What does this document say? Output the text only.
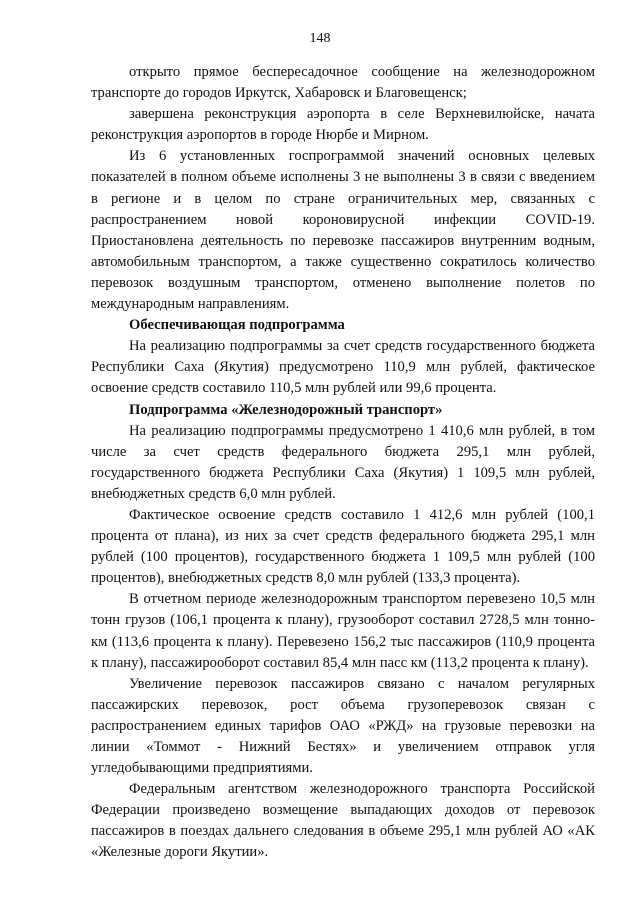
148

открыто прямое беспересадочное сообщение на железнодорожном транспорте до городов Иркутск, Хабаровск и Благовещенск;

завершена реконструкция аэропорта в селе Верхневилюйске, начата реконструкция аэропортов в городе Нюрбе и Мирном.

Из 6 установленных госпрограммой значений основных целевых показателей в полном объеме исполнены 3 не выполнены 3 в связи с введением в регионе и в целом по стране ограничительных мер, связанных с распространением новой короновирусной инфекции COVID-19. Приостановлена деятельность по перевозке пассажиров внутренним водным, автомобильным транспортом, а также существенно сократилось количество перевозок воздушным транспортом, отменено выполнение полетов по международным направлениям.

Обеспечивающая подпрограмма

На реализацию подпрограммы за счет средств государственного бюджета Республики Саха (Якутия) предусмотрено 110,9 млн рублей, фактическое освоение средств составило 110,5 млн рублей или 99,6 процента.

Подпрограмма «Железнодорожный транспорт»

На реализацию подпрограммы предусмотрено 1 410,6 млн рублей, в том числе за счет средств федерального бюджета 295,1 млн рублей, государственного бюджета Республики Саха (Якутия) 1 109,5 млн рублей, внебюджетных средств 6,0 млн рублей.

Фактическое освоение средств составило 1 412,6 млн рублей (100,1 процента от плана), из них за счет средств федерального бюджета 295,1 млн рублей (100 процентов), государственного бюджета 1 109,5 млн рублей (100 процентов), внебюджетных средств 8,0 млн рублей (133,3 процента).

В отчетном периоде железнодорожным транспортом перевезено 10,5 млн тонн грузов (106,1 процента к плану), грузооборот составил 2728,5 млн тонно-км (113,6 процента к плану). Перевезено 156,2 тыс пассажиров (110,9 процента к плану), пассажирооборот составил 85,4 млн пасс км (113,2 процента к плану).

Увеличение перевозок пассажиров связано с началом регулярных пассажирских перевозок, рост объема грузоперевозок связан с распространением единых тарифов ОАО «РЖД» на грузовые перевозки на линии «Томмот - Нижний Бестях» и увеличением отправок угля угледобывающими предприятиями.

Федеральным агентством железнодорожного транспорта Российской Федерации произведено возмещение выпадающих доходов от перевозок пассажиров в поездах дальнего следования в объеме 295,1 млн рублей АО «АК «Железные дороги Якутии».
